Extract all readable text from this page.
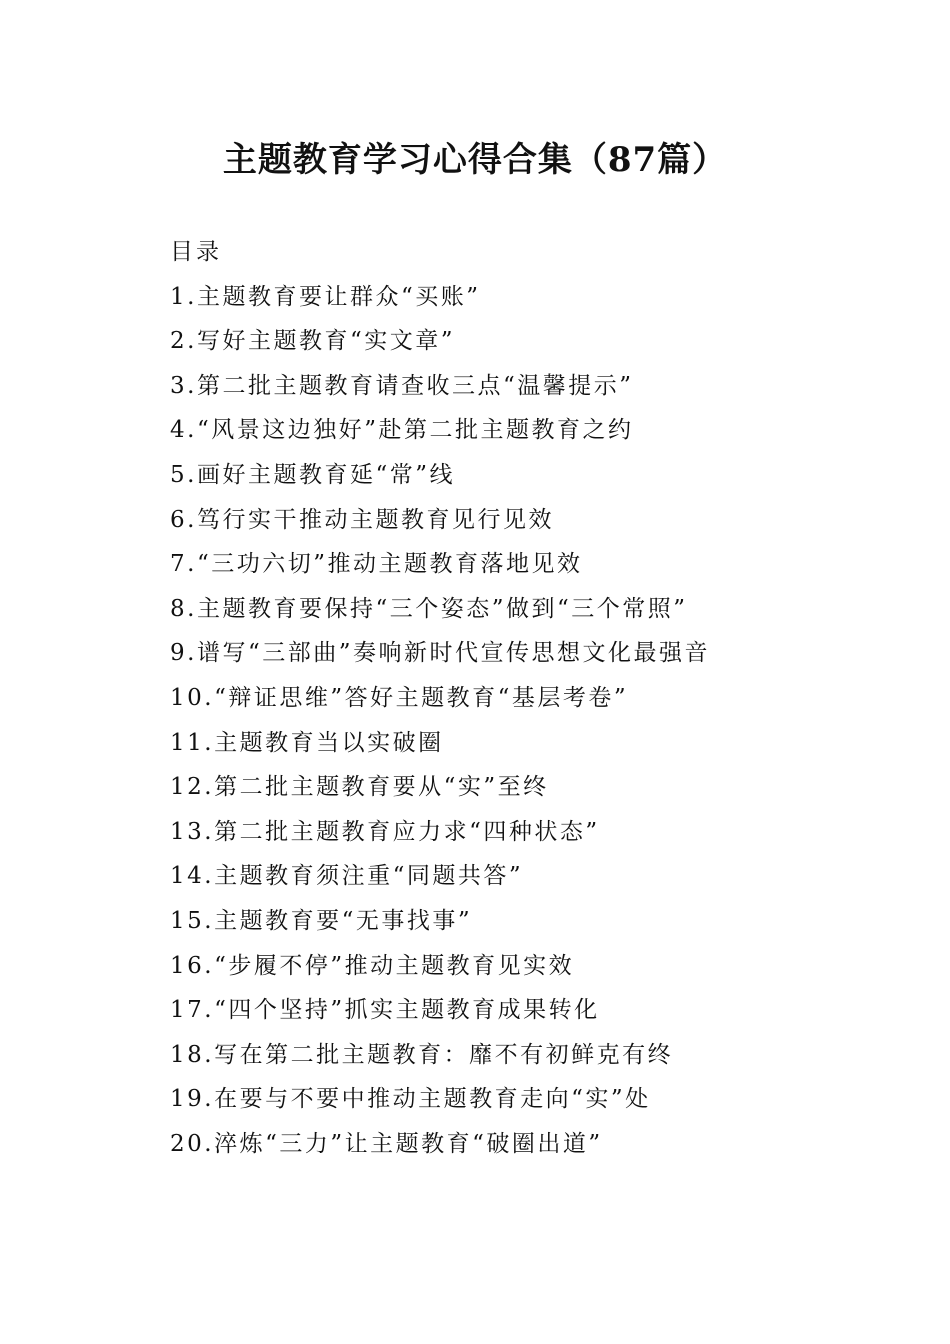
主题教育学习心得合集（87篇）
目录
1.主题教育要让群众“买账”
2.写好主题教育“实文章”
3.第二批主题教育请查收三点“温馨提示”
4.“风景这边独好”赴第二批主题教育之约
5.画好主题教育延“常”线
6.笃行实干推动主题教育见行见效
7.“三功六切”推动主题教育落地见效
8.主题教育要保持“三个姿态”做到“三个常照”
9.谱写“三部曲”奏响新时代宣传思想文化最强音
10.“辩证思维”答好主题教育“基层考卷”
11.主题教育当以实破圈
12.第二批主题教育要从“实”至终
13.第二批主题教育应力求“四种状态”
14.主题教育须注重“同题共答”
15.主题教育要“无事找事”
16.“步履不停”推动主题教育见实效
17.“四个坚持”抓实主题教育成果转化
18.写在第二批主题教育：靡不有初鲜克有终
19.在要与不要中推动主题教育走向“实”处
20.淬炼“三力”让主题教育“破圈出道”
